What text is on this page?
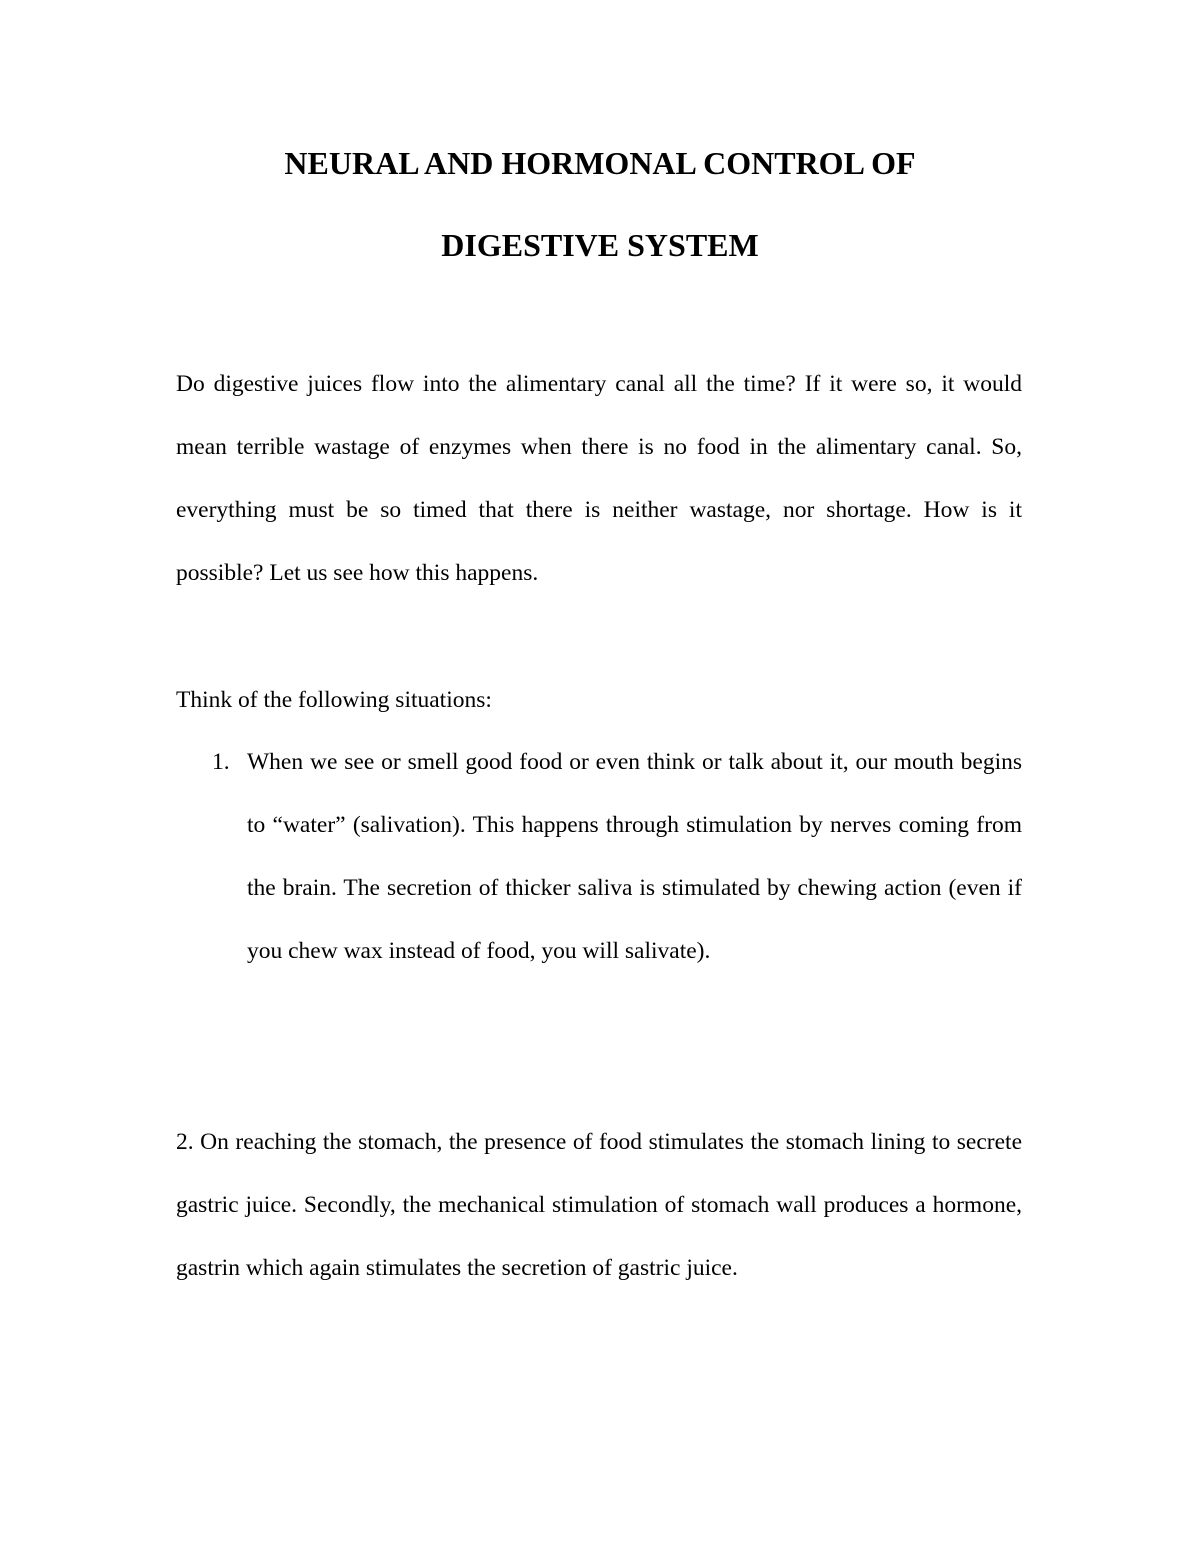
NEURAL AND HORMONAL CONTROL OF
DIGESTIVE SYSTEM

Do digestive juices flow into the alimentary canal all the time? If it were so, it would mean terrible wastage of enzymes when there is no food in the alimentary canal. So, everything must be so timed that there is neither wastage, nor shortage. How is it possible? Let us see how this happens.

Think of the following situations:

1. When we see or smell good food or even think or talk about it, our mouth begins to “water” (salivation). This happens through stimulation by nerves coming from the brain. The secretion of thicker saliva is stimulated by chewing action (even if you chew wax instead of food, you will salivate).

2. On reaching the stomach, the presence of food stimulates the stomach lining to secrete gastric juice. Secondly, the mechanical stimulation of stomach wall produces a hormone, gastrin which again stimulates the secretion of gastric juice.
